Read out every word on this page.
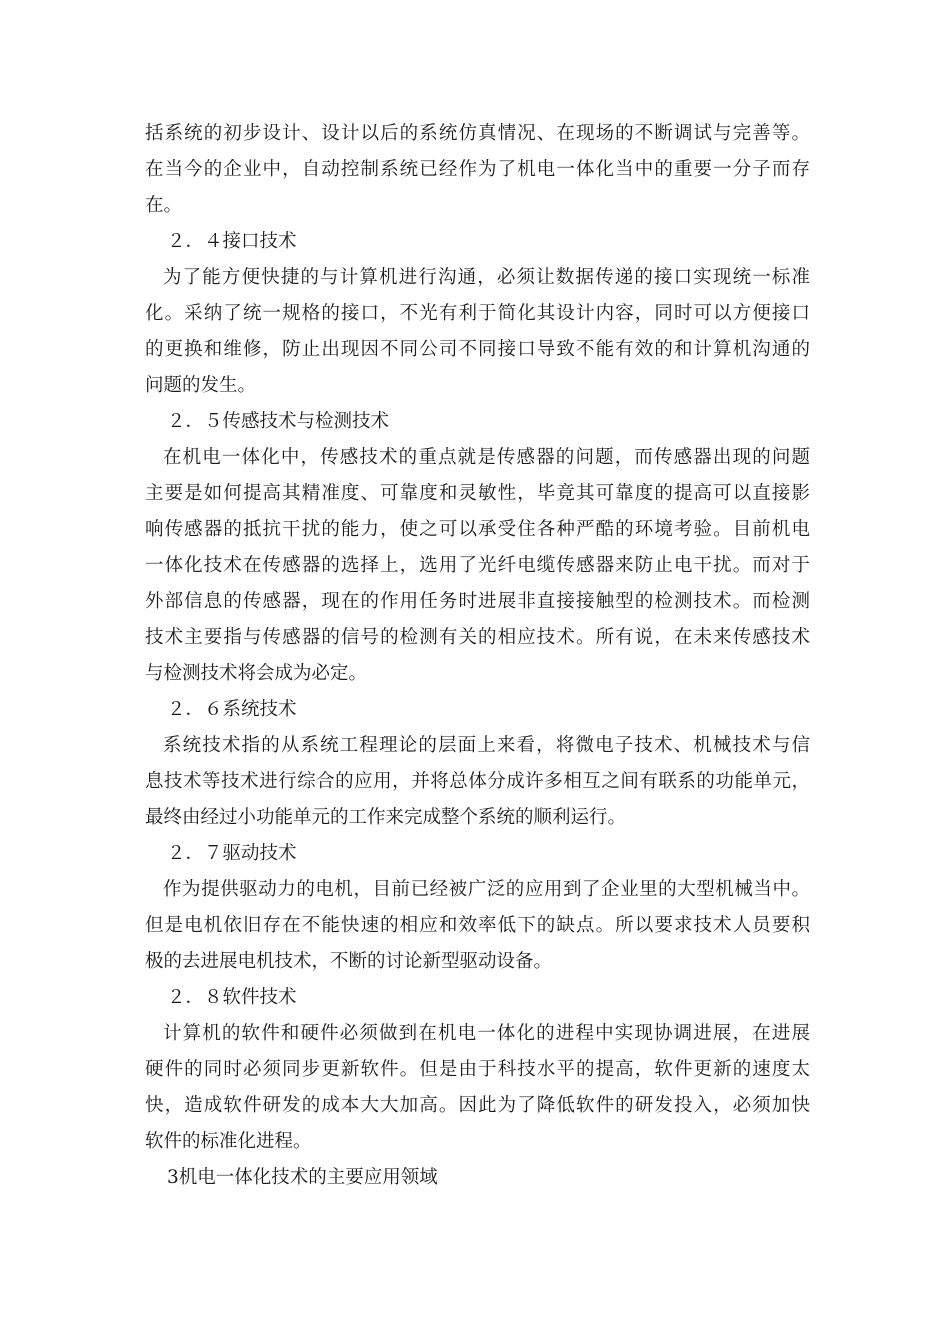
括系统的初步设计、设计以后的系统仿真情况、在现场的不断调试与完善等。
在当今的企业中，自动控制系统已经作为了机电一体化当中的重要一分子而存
在。
２．４接口技术
为了能方便快捷的与计算机进行沟通，必须让数据传递的接口实现统一标准
化。采纳了统一规格的接口，不光有利于简化其设计内容，同时可以方便接口
的更换和维修，防止出现因不同公司不同接口导致不能有效的和计算机沟通的
问题的发生。
２．５传感技术与检测技术
在机电一体化中，传感技术的重点就是传感器的问题，而传感器出现的问题
主要是如何提高其精准度、可靠度和灵敏性，毕竟其可靠度的提高可以直接影
响传感器的抵抗干扰的能力，使之可以承受住各种严酷的环境考验。目前机电
一体化技术在传感器的选择上，选用了光纤电缆传感器来防止电干扰。而对于
外部信息的传感器，现在的作用任务时进展非直接接触型的检测技术。而检测
技术主要指与传感器的信号的检测有关的相应技术。所有说，在未来传感技术
与检测技术将会成为必定。
２．６系统技术
系统技术指的从系统工程理论的层面上来看，将微电子技术、机械技术与信
息技术等技术进行综合的应用，并将总体分成许多相互之间有联系的功能单元，
最终由经过小功能单元的工作来完成整个系统的顺利运行。
２．７驱动技术
作为提供驱动力的电机，目前已经被广泛的应用到了企业里的大型机械当中。
但是电机依旧存在不能快速的相应和效率低下的缺点。所以要求技术人员要积
极的去进展电机技术，不断的讨论新型驱动设备。
２．８软件技术
计算机的软件和硬件必须做到在机电一体化的进程中实现协调进展，在进展
硬件的同时必须同步更新软件。但是由于科技水平的提高，软件更新的速度太
快，造成软件研发的成本大大加高。因此为了降低软件的研发投入，必须加快
软件的标准化进程。
3机电一体化技术的主要应用领域
